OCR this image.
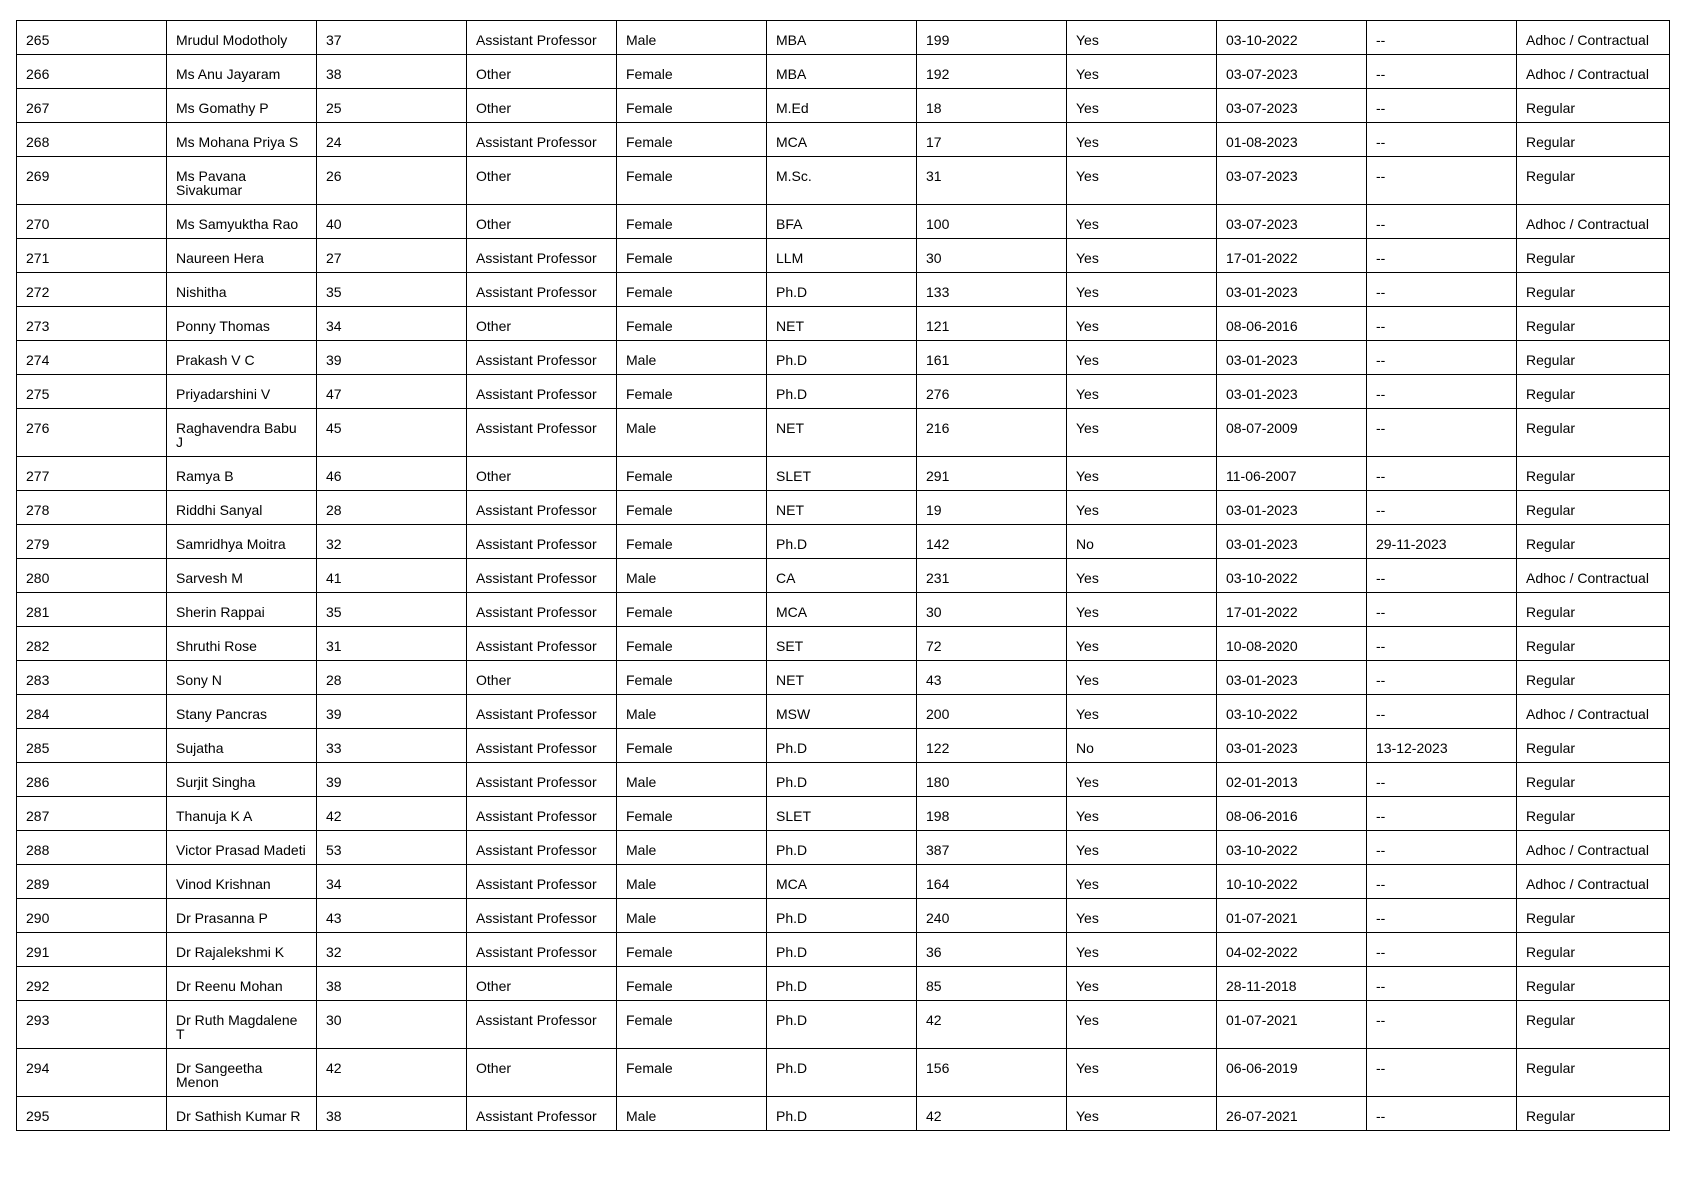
265	Mrudul Modotholy	37	Assistant Professor	Male	MBA	199	Yes	03-10-2022	--	Adhoc / Contractual
266	Ms Anu Jayaram	38	Other	Female	MBA	192	Yes	03-07-2023	--	Adhoc / Contractual
267	Ms Gomathy P	25	Other	Female	M.Ed	18	Yes	03-07-2023	--	Regular
268	Ms Mohana Priya S	24	Assistant Professor	Female	MCA	17	Yes	01-08-2023	--	Regular
269	Ms Pavana Sivakumar	26	Other	Female	M.Sc.	31	Yes	03-07-2023	--	Regular
270	Ms Samyuktha Rao	40	Other	Female	BFA	100	Yes	03-07-2023	--	Adhoc / Contractual
271	Naureen Hera	27	Assistant Professor	Female	LLM	30	Yes	17-01-2022	--	Regular
272	Nishitha	35	Assistant Professor	Female	Ph.D	133	Yes	03-01-2023	--	Regular
273	Ponny Thomas	34	Other	Female	NET	121	Yes	08-06-2016	--	Regular
274	Prakash V C	39	Assistant Professor	Male	Ph.D	161	Yes	03-01-2023	--	Regular
275	Priyadarshini V	47	Assistant Professor	Female	Ph.D	276	Yes	03-01-2023	--	Regular
276	Raghavendra Babu J	45	Assistant Professor	Male	NET	216	Yes	08-07-2009	--	Regular
277	Ramya B	46	Other	Female	SLET	291	Yes	11-06-2007	--	Regular
278	Riddhi Sanyal	28	Assistant Professor	Female	NET	19	Yes	03-01-2023	--	Regular
279	Samridhya Moitra	32	Assistant Professor	Female	Ph.D	142	No	03-01-2023	29-11-2023	Regular
280	Sarvesh M	41	Assistant Professor	Male	CA	231	Yes	03-10-2022	--	Adhoc / Contractual
281	Sherin Rappai	35	Assistant Professor	Female	MCA	30	Yes	17-01-2022	--	Regular
282	Shruthi Rose	31	Assistant Professor	Female	SET	72	Yes	10-08-2020	--	Regular
283	Sony N	28	Other	Female	NET	43	Yes	03-01-2023	--	Regular
284	Stany Pancras	39	Assistant Professor	Male	MSW	200	Yes	03-10-2022	--	Adhoc / Contractual
285	Sujatha	33	Assistant Professor	Female	Ph.D	122	No	03-01-2023	13-12-2023	Regular
286	Surjit Singha	39	Assistant Professor	Male	Ph.D	180	Yes	02-01-2013	--	Regular
287	Thanuja K A	42	Assistant Professor	Female	SLET	198	Yes	08-06-2016	--	Regular
288	Victor Prasad Madeti	53	Assistant Professor	Male	Ph.D	387	Yes	03-10-2022	--	Adhoc / Contractual
289	Vinod Krishnan	34	Assistant Professor	Male	MCA	164	Yes	10-10-2022	--	Adhoc / Contractual
290	Dr Prasanna P	43	Assistant Professor	Male	Ph.D	240	Yes	01-07-2021	--	Regular
291	Dr Rajalekshmi K	32	Assistant Professor	Female	Ph.D	36	Yes	04-02-2022	--	Regular
292	Dr Reenu Mohan	38	Other	Female	Ph.D	85	Yes	28-11-2018	--	Regular
293	Dr Ruth Magdalene T	30	Assistant Professor	Female	Ph.D	42	Yes	01-07-2021	--	Regular
294	Dr Sangeetha Menon	42	Other	Female	Ph.D	156	Yes	06-06-2019	--	Regular
295	Dr Sathish Kumar R	38	Assistant Professor	Male	Ph.D	42	Yes	26-07-2021	--	Regular
